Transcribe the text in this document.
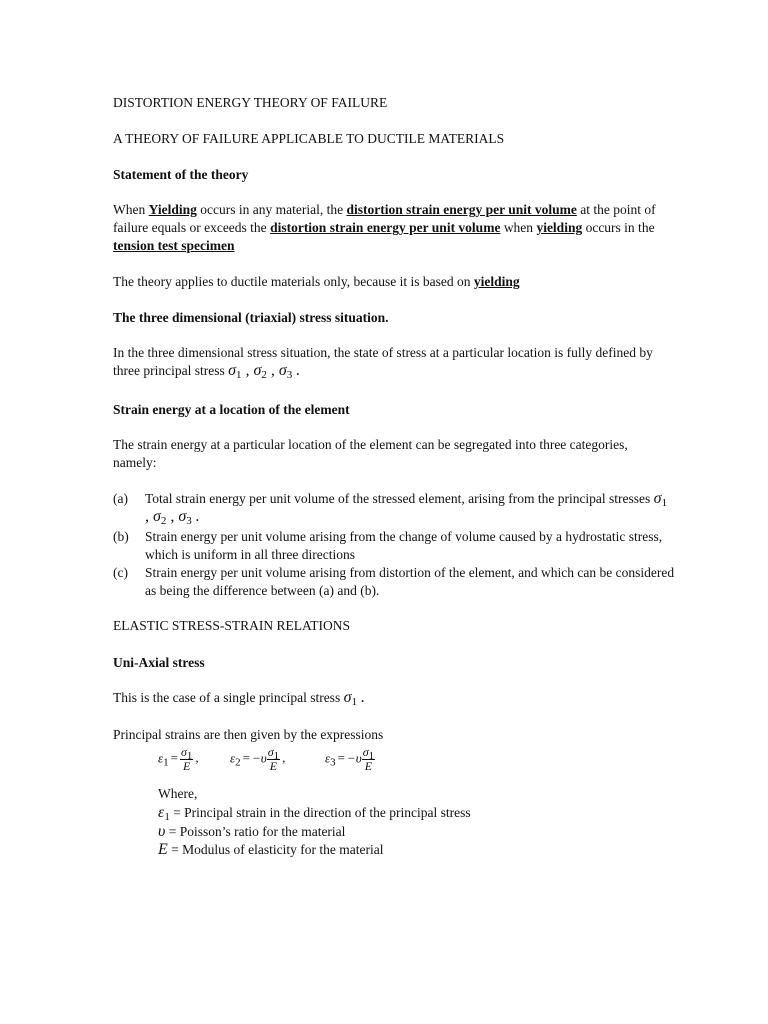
DISTORTION ENERGY THEORY OF FAILURE
A THEORY OF FAILURE APPLICABLE TO DUCTILE MATERIALS
Statement of the theory
When Yielding occurs in any material, the distortion strain energy per unit volume at the point of failure equals or exceeds the distortion strain energy per unit volume when yielding occurs in the tension test specimen
The theory applies to ductile materials only, because it is based on yielding
The three dimensional (triaxial) stress situation.
In the three dimensional stress situation, the state of stress at a particular location is fully defined by three principal stress $\sigma_1$ , $\sigma_2$ , $\sigma_3$ .
Strain energy at a location of the element
The strain energy at a particular location of the element can be segregated into three categories, namely:
(a)	Total strain energy per unit volume of the stressed element, arising from the principal stresses $\sigma_1$ , $\sigma_2$ , $\sigma_3$ .
(b)	Strain energy per unit volume arising from the change of volume caused by a hydrostatic stress, which is uniform in all three directions
(c)	Strain energy per unit volume arising from distortion of the element, and which can be considered as being the difference between (a) and (b).
ELASTIC STRESS-STRAIN RELATIONS
Uni-Axial stress
This is the case of a single principal stress $\sigma_1$ .
Principal strains are then given by the expressions
$\varepsilon_1 = \frac{\sigma_1}{E}$ , $\varepsilon_2 = -\upsilon \frac{\sigma_1}{E}$ ,	$\varepsilon_3 = -\upsilon \frac{\sigma_1}{E}$
Where,
$\varepsilon_1$ = Principal strain in the direction of the principal stress
υ = Poisson’s ratio for the material
E = Modulus of elasticity for the material
